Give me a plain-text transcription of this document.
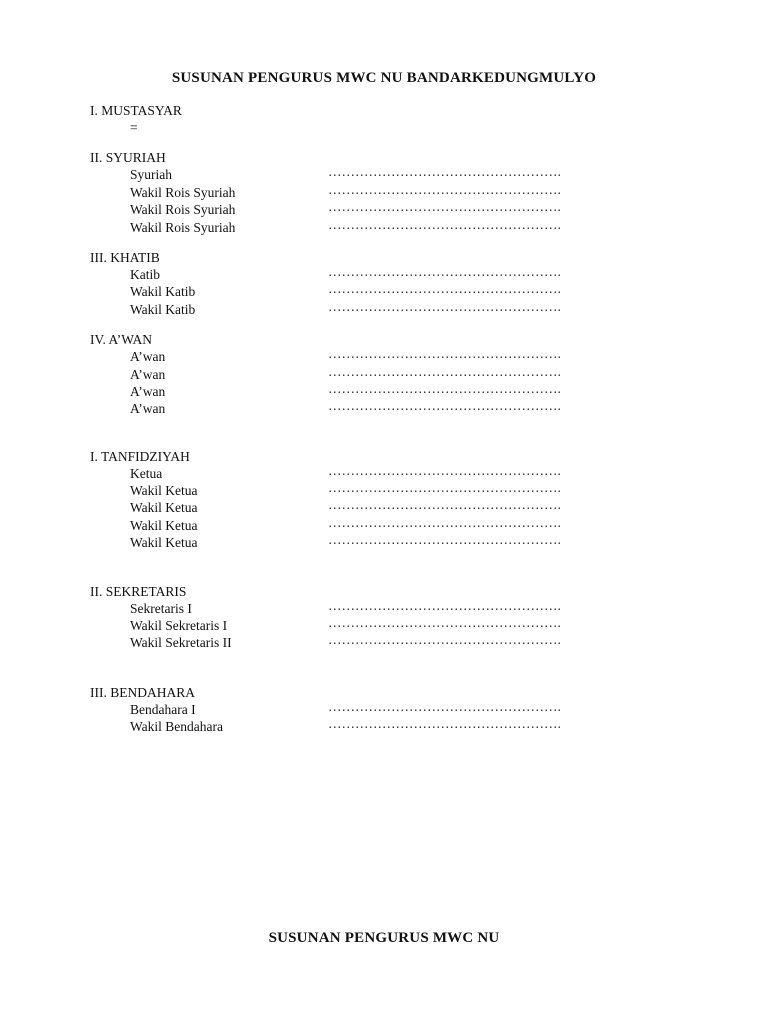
SUSUNAN PENGURUS MWC NU BANDARKEDUNGMULYO
I. MUSTASYAR
=
II. SYURIAH
Syuriah	…………………………………………….
Wakil Rois Syuriah	…………………………………………….
Wakil Rois Syuriah	…………………………………………….
Wakil Rois Syuriah	…………………………………………….
III. KHATIB
Katib	…………………………………………….
Wakil Katib	…………………………………………….
Wakil Katib	…………………………………………….
IV. A’WAN
A’wan	…………………………………………….
A’wan	…………………………………………….
A’wan	…………………………………………….
A’wan	…………………………………………….
I. TANFIDZIYAH
Ketua	…………………………………………….
Wakil Ketua	…………………………………………….
Wakil Ketua	…………………………………………….
Wakil Ketua	…………………………………………….
Wakil Ketua	…………………………………………….
II. SEKRETARIS
Sekretaris I	…………………………………………….
Wakil Sekretaris I	…………………………………………….
Wakil Sekretaris II	…………………………………………….
III. BENDAHARA
Bendahara I	…………………………………………….
Wakil Bendahara	…………………………………………….
SUSUNAN PENGURUS MWC NU
